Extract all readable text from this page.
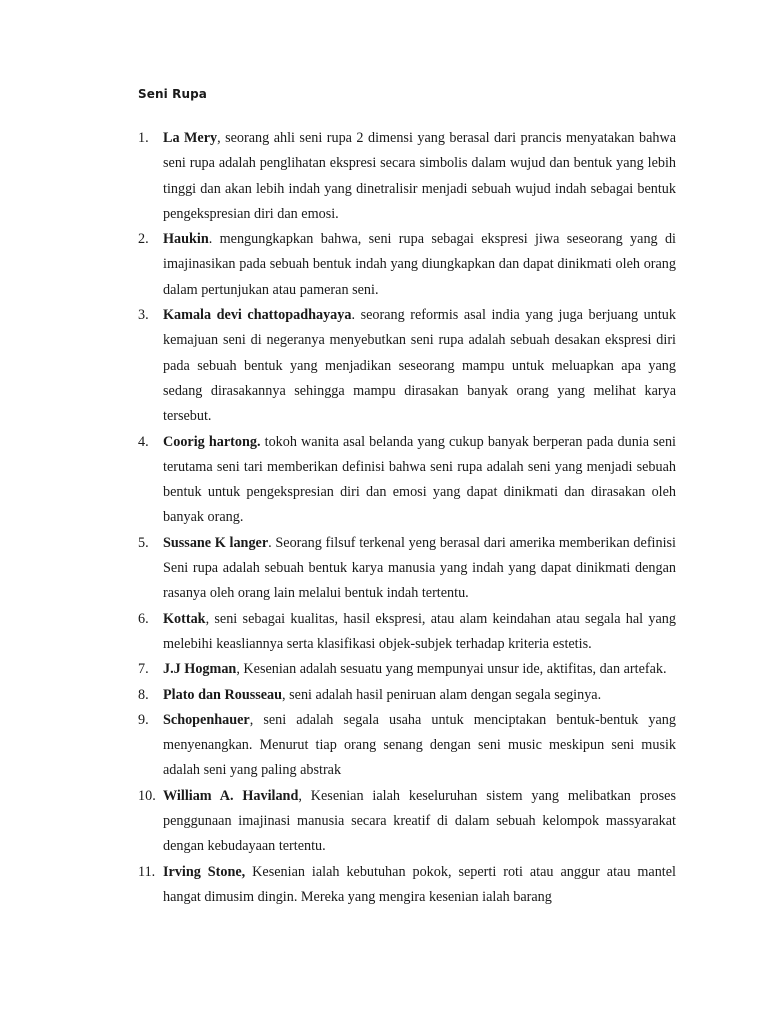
Seni Rupa
1.	La Mery, seorang ahli seni rupa 2 dimensi yang berasal dari prancis menyatakan bahwa seni rupa adalah penglihatan ekspresi secara simbolis dalam wujud dan bentuk yang lebih tinggi dan akan lebih indah yang dinetralisir menjadi sebuah wujud indah sebagai bentuk pengekspresian diri dan emosi.
2.	Haukin. mengungkapkan bahwa, seni rupa sebagai ekspresi jiwa seseorang yang di imajinasikan pada sebuah bentuk indah yang diungkapkan dan dapat dinikmati oleh orang dalam pertunjukan atau pameran seni.
3.	Kamala devi chattopadhayaya. seorang reformis asal india yang juga berjuang untuk kemajuan seni di negeranya menyebutkan seni rupa adalah sebuah desakan ekspresi diri pada sebuah bentuk yang menjadikan seseorang mampu untuk meluapkan apa yang sedang dirasakannya sehingga mampu dirasakan banyak orang yang melihat karya tersebut.
4.	Coorig hartong. tokoh wanita asal belanda yang cukup banyak berperan pada dunia seni terutama seni tari memberikan definisi bahwa seni rupa adalah seni yang menjadi sebuah bentuk untuk pengekspresian diri dan emosi yang dapat dinikmati dan dirasakan oleh banyak orang.
5.	Sussane K langer. Seorang filsuf terkenal yeng berasal dari amerika memberikan definisi Seni rupa adalah sebuah bentuk karya manusia yang indah yang dapat dinikmati dengan rasanya oleh orang lain melalui bentuk indah tertentu.
6.	Kottak, seni sebagai kualitas, hasil ekspresi, atau alam keindahan atau segala hal yang melebihi keasliannya serta klasifikasi objek-subjek terhadap kriteria estetis.
7.	J.J Hogman, Kesenian adalah sesuatu yang mempunyai unsur ide, aktifitas, dan artefak.
8.	Plato dan Rousseau, seni adalah hasil peniruan alam dengan segala seginya.
9.	Schopenhauer, seni adalah segala usaha untuk menciptakan bentuk-bentuk yang menyenangkan. Menurut tiap orang senang dengan seni music meskipun seni musik adalah seni yang paling abstrak
10. William A. Haviland, Kesenian ialah keseluruhan sistem yang melibatkan proses penggunaan imajinasi manusia secara kreatif di dalam sebuah kelompok massyarakat dengan kebudayaan tertentu.
11. Irving Stone, Kesenian ialah kebutuhan pokok, seperti roti atau anggur atau mantel hangat dimusim dingin. Mereka yang mengira kesenian ialah barang
